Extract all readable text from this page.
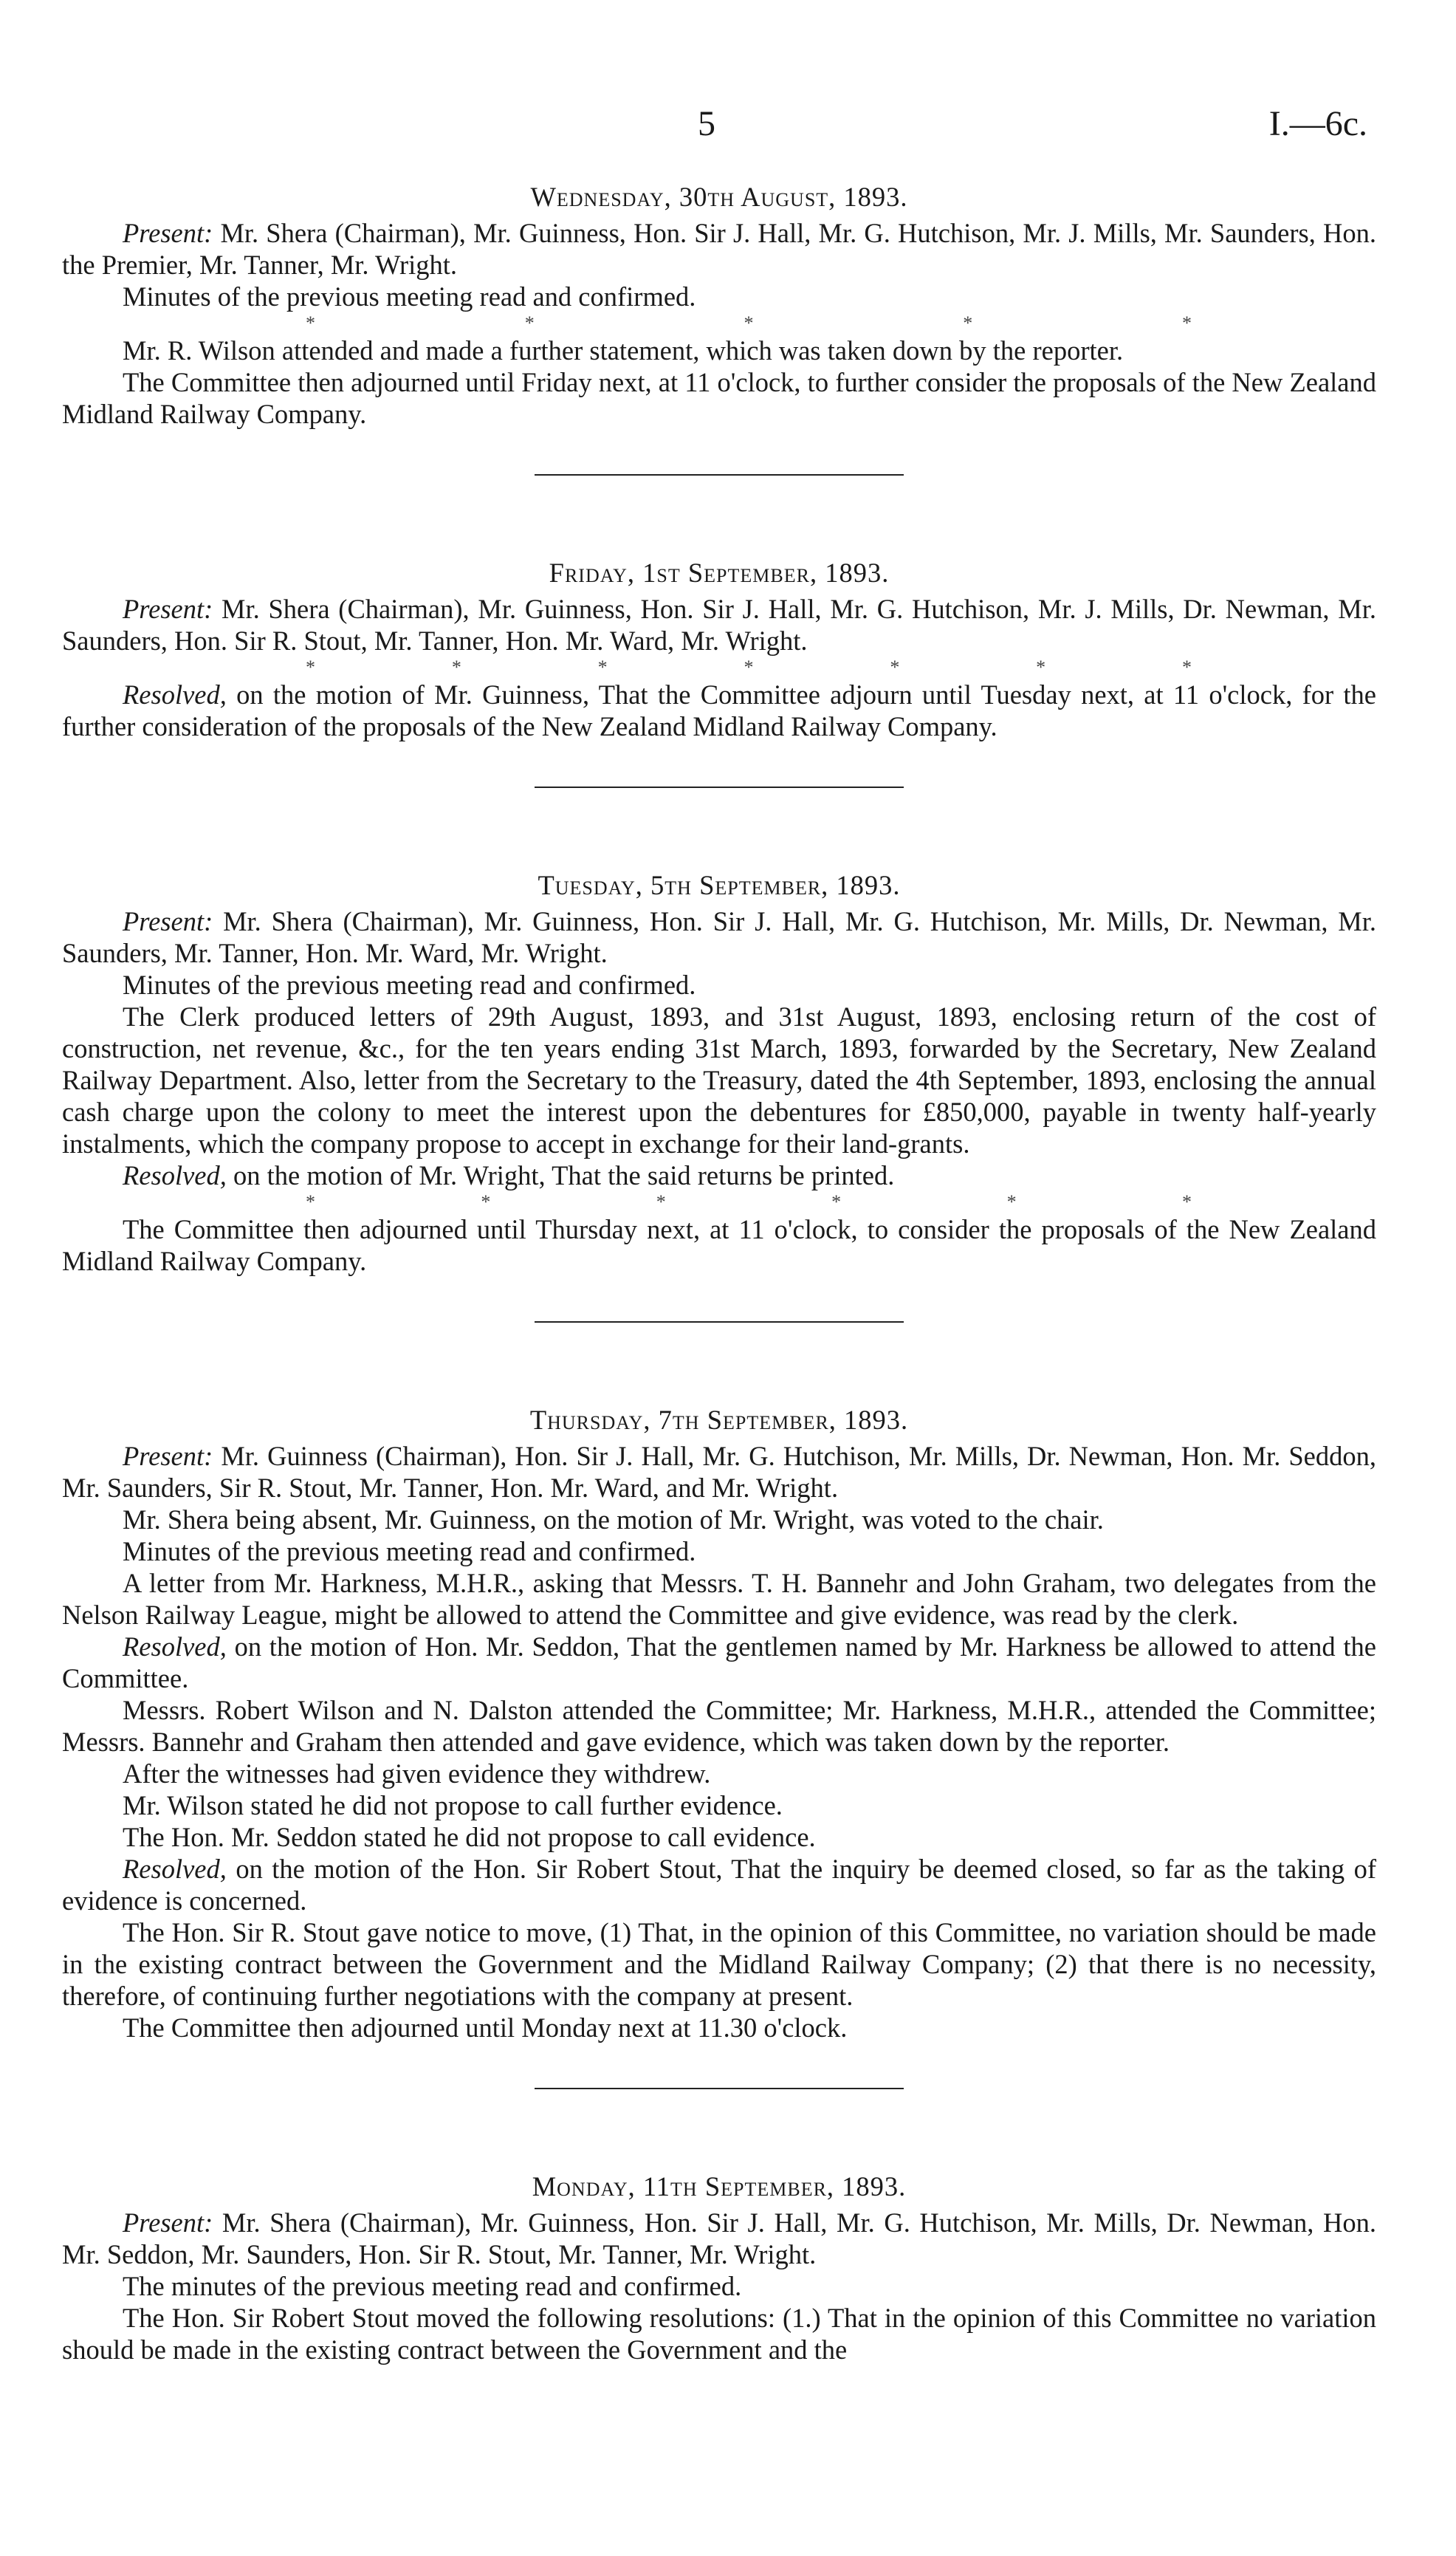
5	I.—6c.
Wednesday, 30th August, 1893.

Present: Mr. Shera (Chairman), Mr. Guinness, Hon. Sir J. Hall, Mr. G. Hutchison, Mr. J. Mills, Mr. Saunders, Hon. the Premier, Mr. Tanner, Mr. Wright.

Minutes of the previous meeting read and confirmed.

*	*	*	*	*

Mr. R. Wilson attended and made a further statement, which was taken down by the reporter.

The Committee then adjourned until Friday next, at 11 o'clock, to further consider the proposals of the New Zealand Midland Railway Company.

Friday, 1st September, 1893.

Present: Mr. Shera (Chairman), Mr. Guinness, Hon. Sir J. Hall, Mr. G. Hutchison, Mr. J. Mills, Dr. Newman, Mr. Saunders, Hon. Sir R. Stout, Mr. Tanner, Hon. Mr. Ward, Mr. Wright.

*	*	*	*	*	*	*

Resolved, on the motion of Mr. Guinness, That the Committee adjourn until Tuesday next, at 11 o'clock, for the further consideration of the proposals of the New Zealand Midland Railway Company.

Tuesday, 5th September, 1893.

Present: Mr. Shera (Chairman), Mr. Guinness, Hon. Sir J. Hall, Mr. G. Hutchison, Mr. Mills, Dr. Newman, Mr. Saunders, Mr. Tanner, Hon. Mr. Ward, Mr. Wright.

Minutes of the previous meeting read and confirmed.

The Clerk produced letters of 29th August, 1893, and 31st August, 1893, enclosing return of the cost of construction, net revenue, &c., for the ten years ending 31st March, 1893, forwarded by the Secretary, New Zealand Railway Department. Also, letter from the Secretary to the Treasury, dated the 4th September, 1893, enclosing the annual cash charge upon the colony to meet the interest upon the debentures for £850,000, payable in twenty half-yearly instalments, which the company propose to accept in exchange for their land-grants.

Resolved, on the motion of Mr. Wright, That the said returns be printed.

*	*	*	*	*	*

The Committee then adjourned until Thursday next, at 11 o'clock, to consider the proposals of the New Zealand Midland Railway Company.

Thursday, 7th September, 1893.

Present: Mr. Guinness (Chairman), Hon. Sir J. Hall, Mr. G. Hutchison, Mr. Mills, Dr. Newman, Hon. Mr. Seddon, Mr. Saunders, Sir R. Stout, Mr. Tanner, Hon. Mr. Ward, and Mr. Wright.

Mr. Shera being absent, Mr. Guinness, on the motion of Mr. Wright, was voted to the chair.

Minutes of the previous meeting read and confirmed.

A letter from Mr. Harkness, M.H.R., asking that Messrs. T. H. Bannehr and John Graham, two delegates from the Nelson Railway League, might be allowed to attend the Committee and give evidence, was read by the clerk.

Resolved, on the motion of Hon. Mr. Seddon, That the gentlemen named by Mr. Harkness be allowed to attend the Committee.

Messrs. Robert Wilson and N. Dalston attended the Committee; Mr. Harkness, M.H.R., attended the Committee; Messrs. Bannehr and Graham then attended and gave evidence, which was taken down by the reporter.

After the witnesses had given evidence they withdrew.

Mr. Wilson stated he did not propose to call further evidence.

The Hon. Mr. Seddon stated he did not propose to call evidence.

Resolved, on the motion of the Hon. Sir Robert Stout, That the inquiry be deemed closed, so far as the taking of evidence is concerned.

The Hon. Sir R. Stout gave notice to move, (1) That, in the opinion of this Committee, no variation should be made in the existing contract between the Government and the Midland Railway Company; (2) that there is no necessity, therefore, of continuing further negotiations with the company at present.

The Committee then adjourned until Monday next at 11.30 o'clock.

Monday, 11th September, 1893.

Present: Mr. Shera (Chairman), Mr. Guinness, Hon. Sir J. Hall, Mr. G. Hutchison, Mr. Mills, Dr. Newman, Hon. Mr. Seddon, Mr. Saunders, Hon. Sir R. Stout, Mr. Tanner, Mr. Wright.

The minutes of the previous meeting read and confirmed.

The Hon. Sir Robert Stout moved the following resolutions: (1.) That in the opinion of this Committee no variation should be made in the existing contract between the Government and the
